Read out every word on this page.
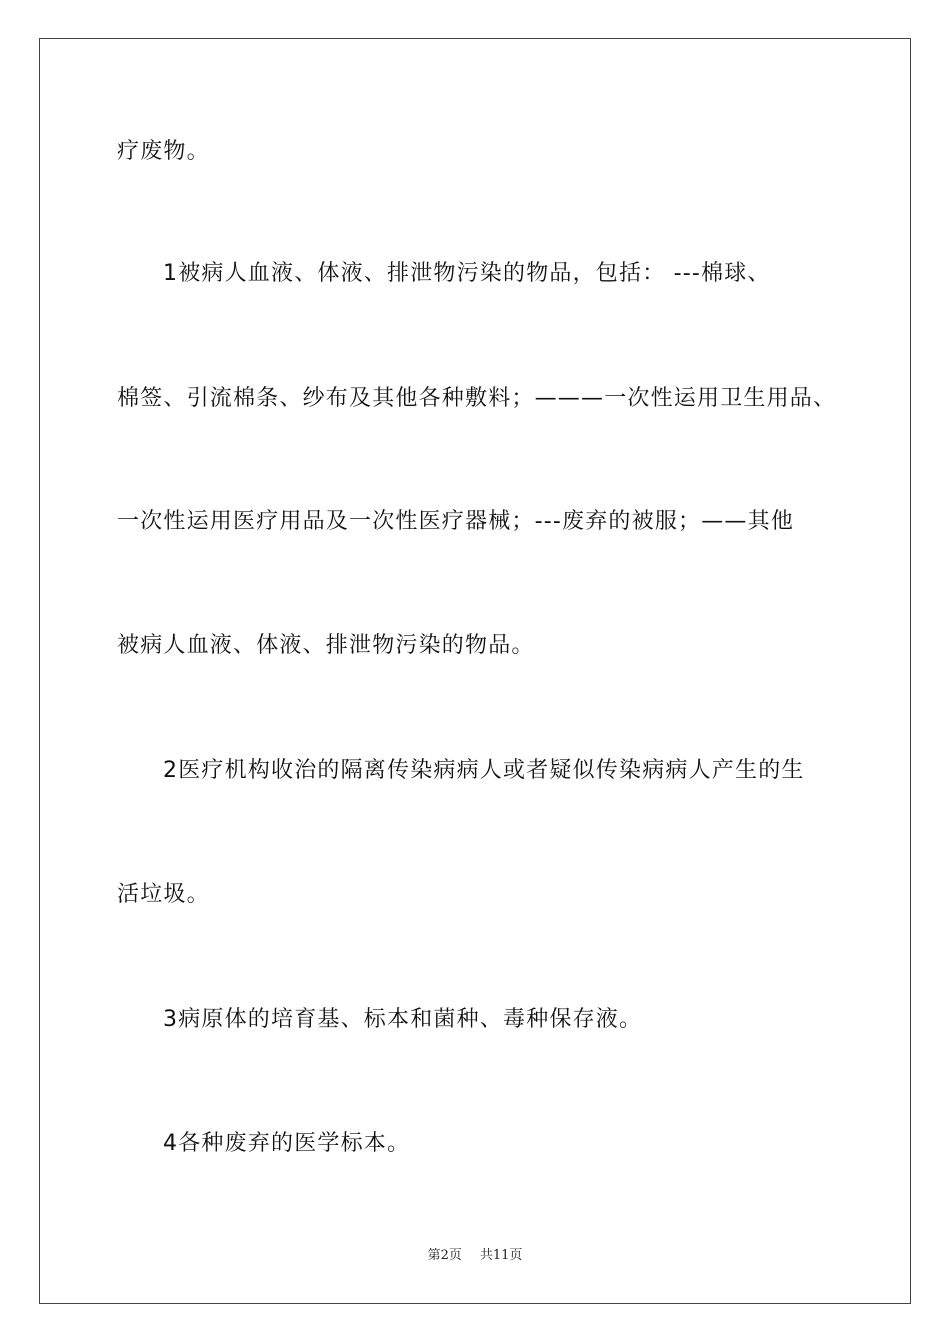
疗废物。
1被病人血液、体液、排泄物污染的物品，包括： ---棉球、
棉签、引流棉条、纱布及其他各种敷料；———一次性运用卫生用品、
一次性运用医疗用品及一次性医疗器械；---废弃的被服；——其他
被病人血液、体液、排泄物污染的物品。
2医疗机构收治的隔离传染病病人或者疑似传染病病人产生的生
活垃圾。
3病原体的培育基、标本和菌种、毒种保存液。
4各种废弃的医学标本。
第2页 共11页
